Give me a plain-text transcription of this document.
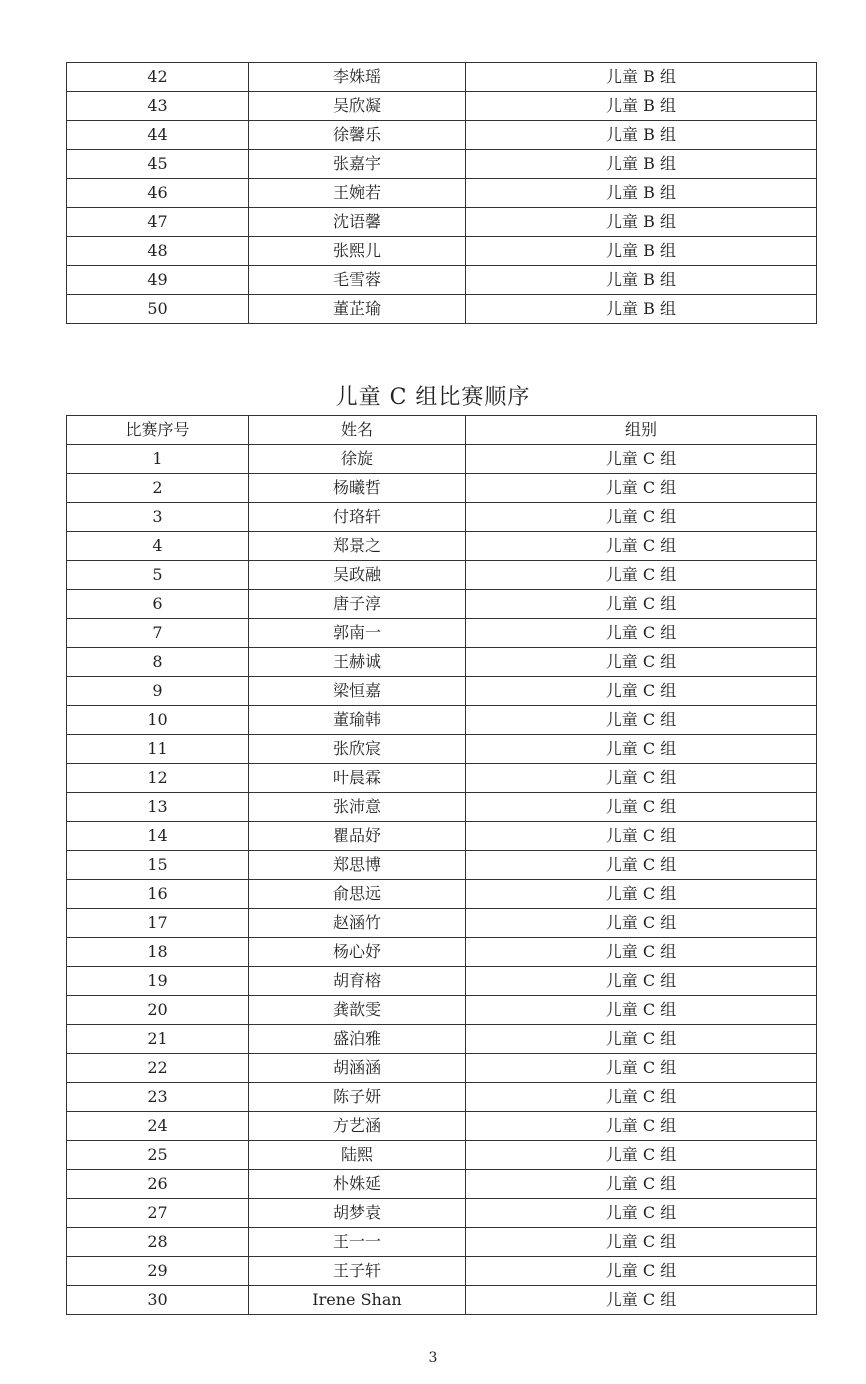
42	李姝瑶	儿童 B 组
43	吴欣凝	儿童 B 组
44	徐馨乐	儿童 B 组
45	张嘉宇	儿童 B 组
46	王婉若	儿童 B 组
47	沈语馨	儿童 B 组
48	张熙儿	儿童 B 组
49	毛雪蓉	儿童 B 组
50	董芷瑜	儿童 B 组
儿童 C 组比赛顺序
比赛序号	姓名	组别
1	徐旋	儿童 C 组
2	杨曦哲	儿童 C 组
3	付珞轩	儿童 C 组
4	郑景之	儿童 C 组
5	吴政融	儿童 C 组
6	唐子淳	儿童 C 组
7	郭南一	儿童 C 组
8	王赫诚	儿童 C 组
9	梁恒嘉	儿童 C 组
10	董瑜韩	儿童 C 组
11	张欣宸	儿童 C 组
12	叶晨霖	儿童 C 组
13	张沛意	儿童 C 组
14	瞿品妤	儿童 C 组
15	郑思博	儿童 C 组
16	俞思远	儿童 C 组
17	赵涵竹	儿童 C 组
18	杨心妤	儿童 C 组
19	胡育榕	儿童 C 组
20	龚歆雯	儿童 C 组
21	盛泊雅	儿童 C 组
22	胡涵涵	儿童 C 组
23	陈子妍	儿童 C 组
24	方艺涵	儿童 C 组
25	陆熙	儿童 C 组
26	朴姝延	儿童 C 组
27	胡梦袁	儿童 C 组
28	王一一	儿童 C 组
29	王子轩	儿童 C 组
30	Irene Shan	儿童 C 组
3
